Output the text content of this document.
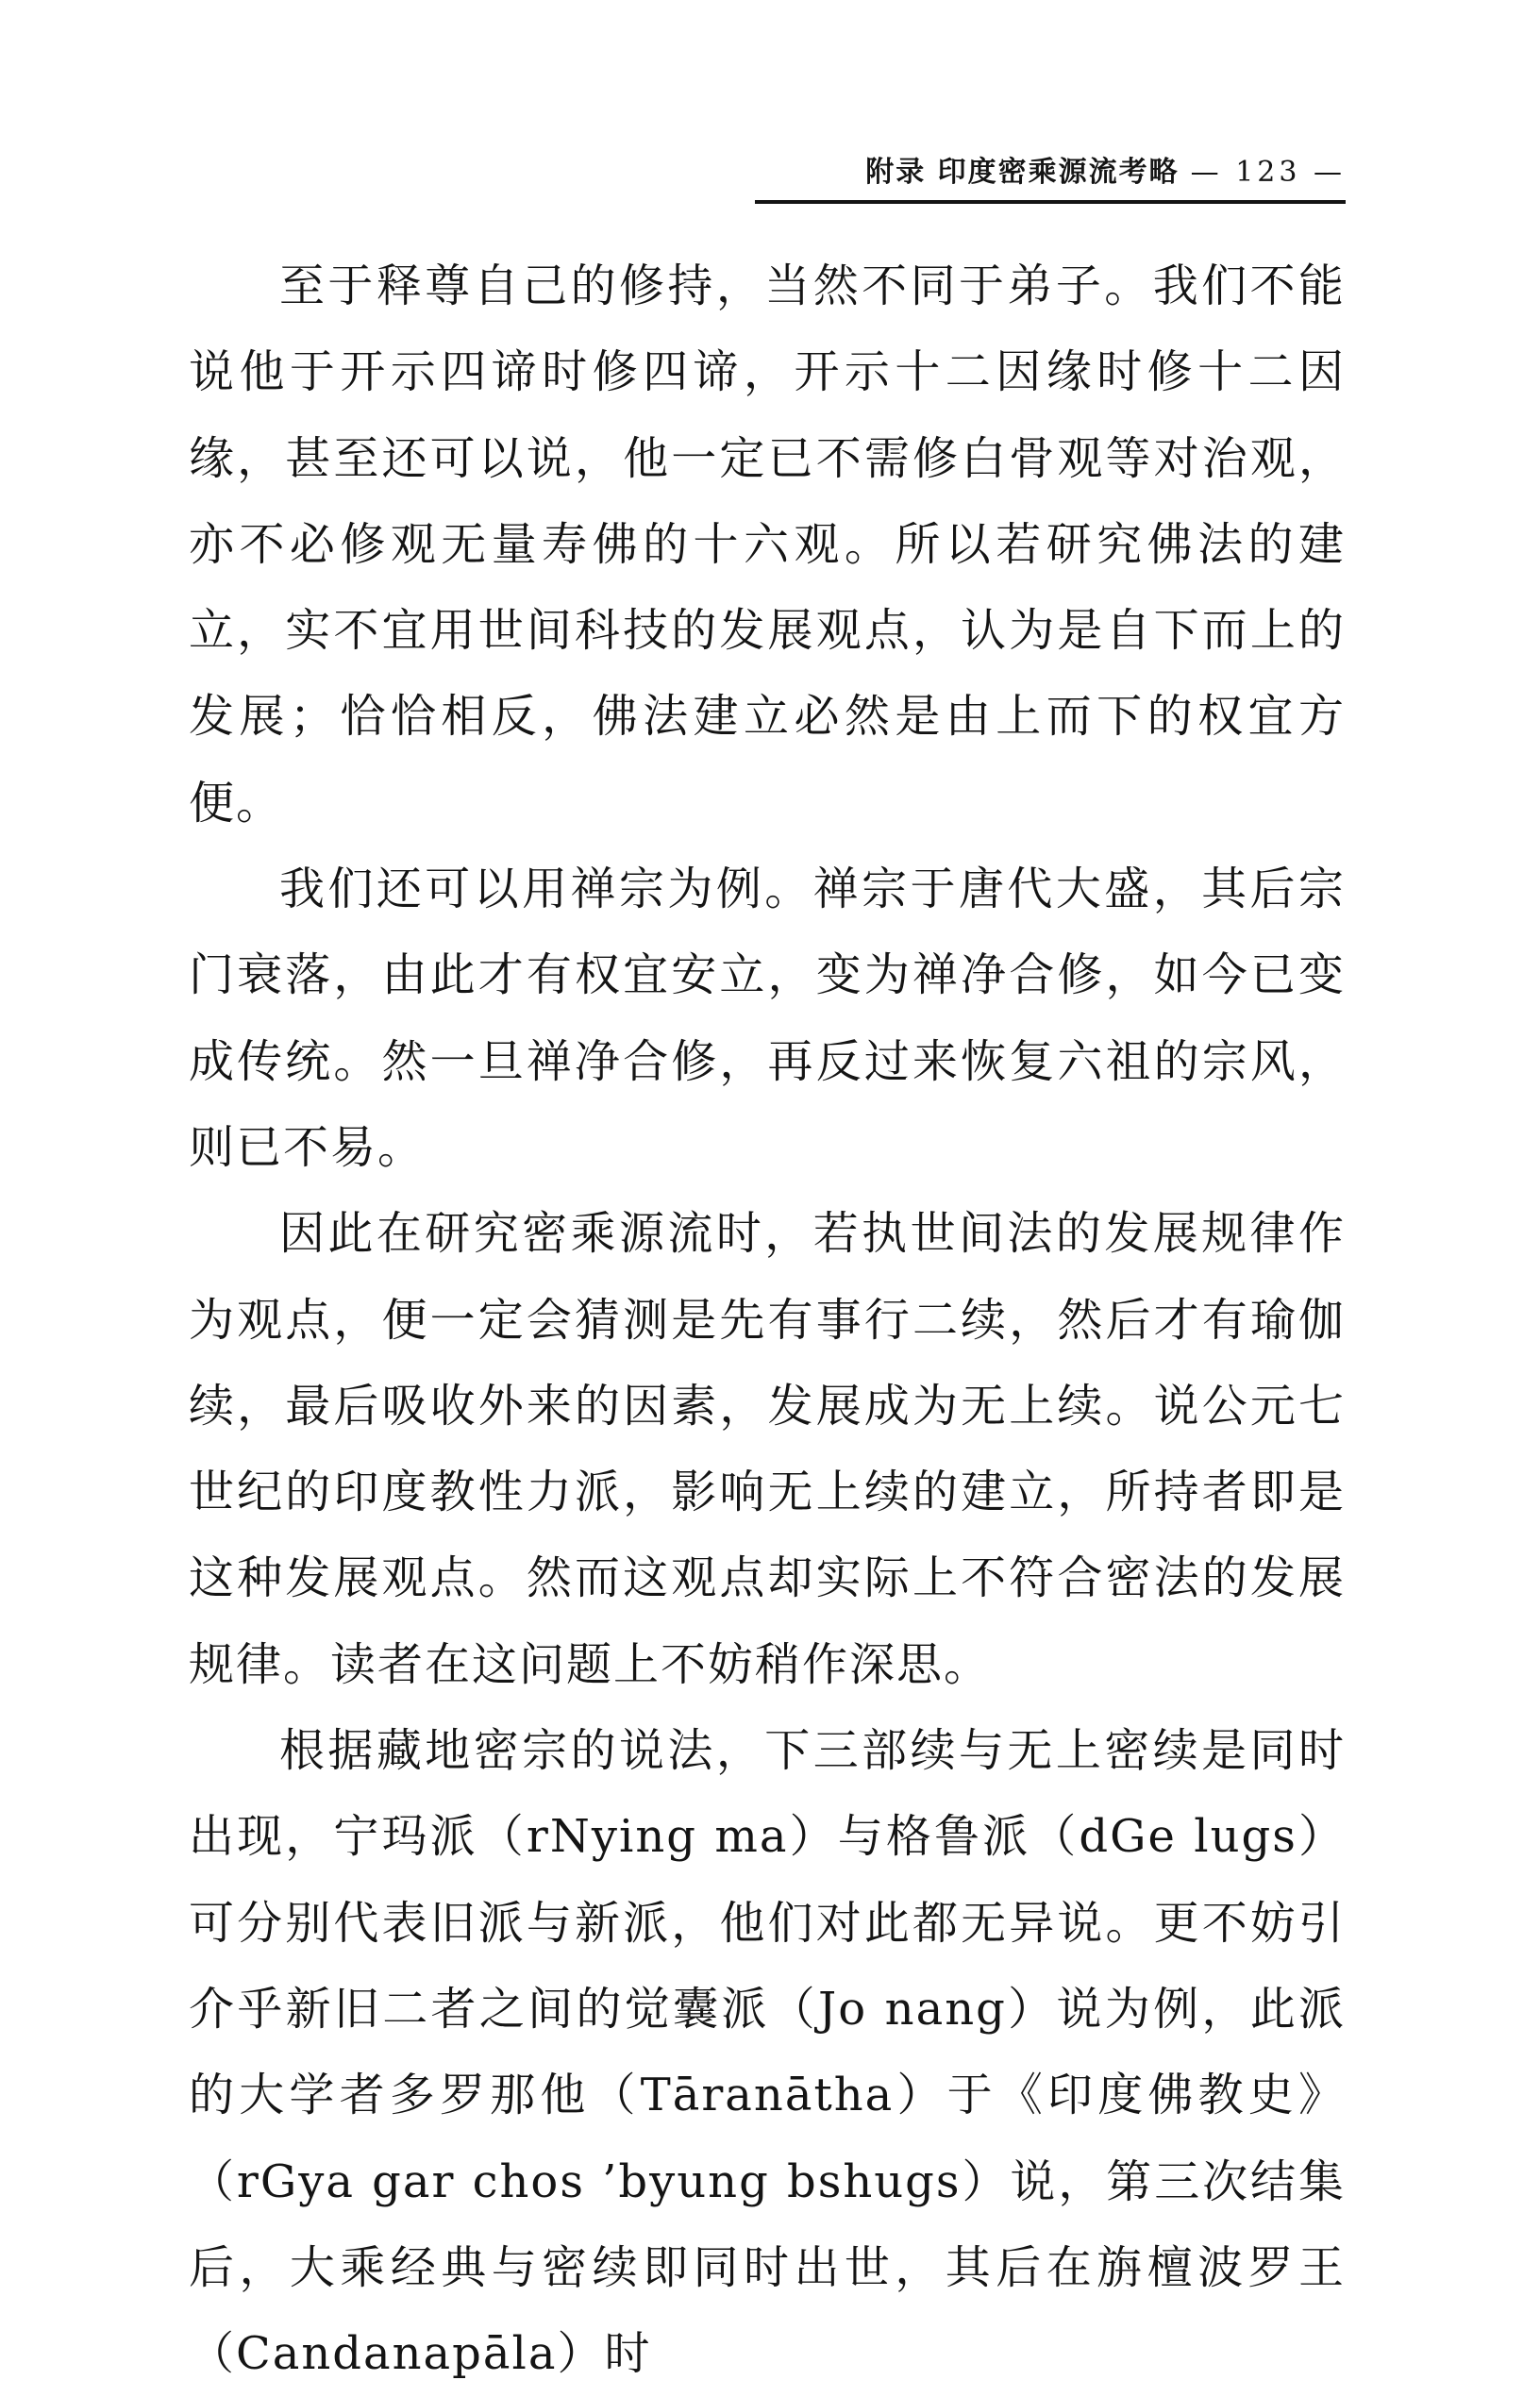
附录 印度密乘源流考略 — 123 —

至于释尊自己的修持，当然不同于弟子。我们不能说他于开示四谛时修四谛，开示十二因缘时修十二因缘，甚至还可以说，他一定已不需修白骨观等对治观，亦不必修观无量寿佛的十六观。所以若研究佛法的建立，实不宜用世间科技的发展观点，认为是自下而上的发展；恰恰相反，佛法建立必然是由上而下的权宜方便。

我们还可以用禅宗为例。禅宗于唐代大盛，其后宗门衰落，由此才有权宜安立，变为禅净合修，如今已变成传统。然一旦禅净合修，再反过来恢复六祖的宗风，则已不易。

因此在研究密乘源流时，若执世间法的发展规律作为观点，便一定会猜测是先有事行二续，然后才有瑜伽续，最后吸收外来的因素，发展成为无上续。说公元七世纪的印度教性力派，影响无上续的建立，所持者即是这种发展观点。然而这观点却实际上不符合密法的发展规律。读者在这问题上不妨稍作深思。

根据藏地密宗的说法，下三部续与无上密续是同时出现，宁玛派（rNying ma）与格鲁派（dGe lugs）可分别代表旧派与新派，他们对此都无异说。更不妨引介乎新旧二者之间的觉囊派（Jo nang）说为例，此派的大学者多罗那他（Tāranātha）于《印度佛教史》（rGya gar chos ’byung bshugs）说，第三次结集后，大乘经典与密续即同时出世，其后在旃檀波罗王（Candanapāla）时
